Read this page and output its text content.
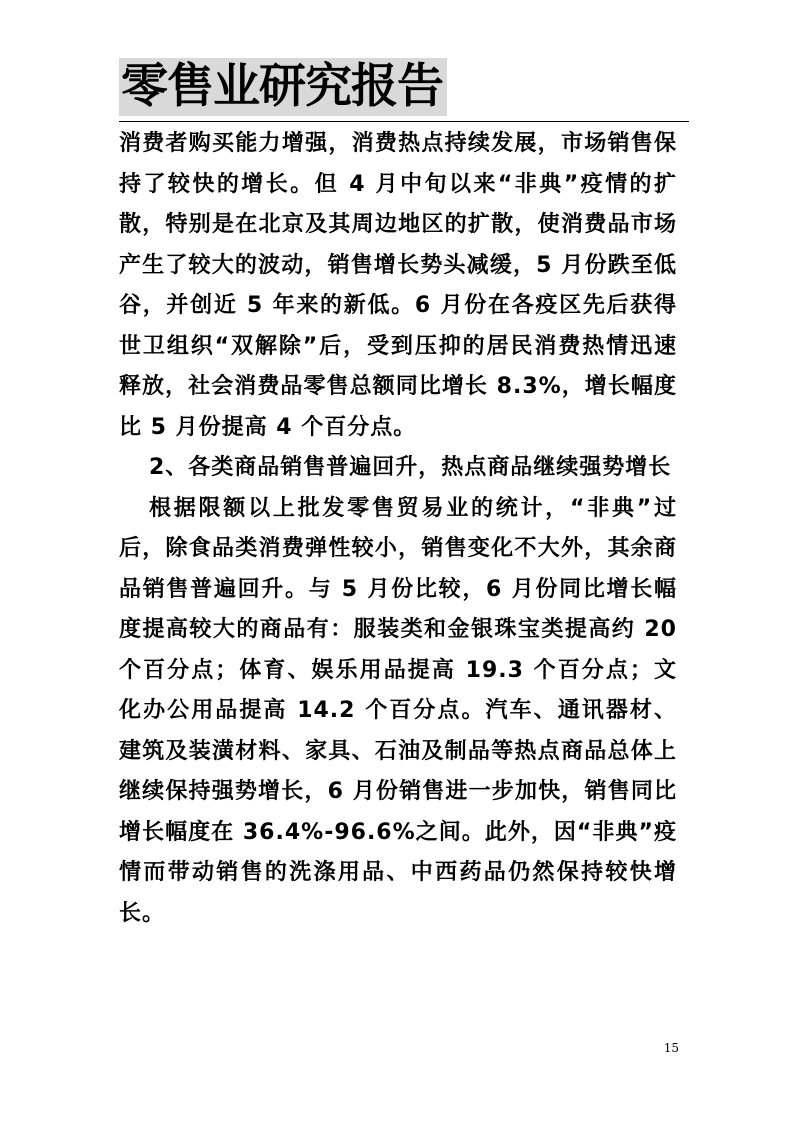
零售业研究报告

消费者购买能力增强，消费热点持续发展，市场销售保持了较快的增长。但 4 月中旬以来“非典”疫情的扩散，特别是在北京及其周边地区的扩散，使消费品市场产生了较大的波动，销售增长势头减缓，5 月份跌至低谷，并创近 5 年来的新低。6 月份在各疫区先后获得世卫组织“双解除”后，受到压抑的居民消费热情迅速释放，社会消费品零售总额同比增长 8.3%，增长幅度比 5 月份提高 4 个百分点。

2、各类商品销售普遍回升，热点商品继续强势增长

根据限额以上批发零售贸易业的统计，“非典”过后，除食品类消费弹性较小，销售变化不大外，其余商品销售普遍回升。与 5 月份比较，6 月份同比增长幅度提高较大的商品有：服装类和金银珠宝类提高约 20 个百分点；体育、娱乐用品提高 19.3 个百分点；文化办公用品提高 14.2 个百分点。汽车、通讯器材、建筑及装潢材料、家具、石油及制品等热点商品总体上继续保持强势增长，6 月份销售进一步加快，销售同比增长幅度在 36.4%-96.6%之间。此外，因“非典”疫情而带动销售的洗涤用品、中西药品仍然保持较快增长。

15
